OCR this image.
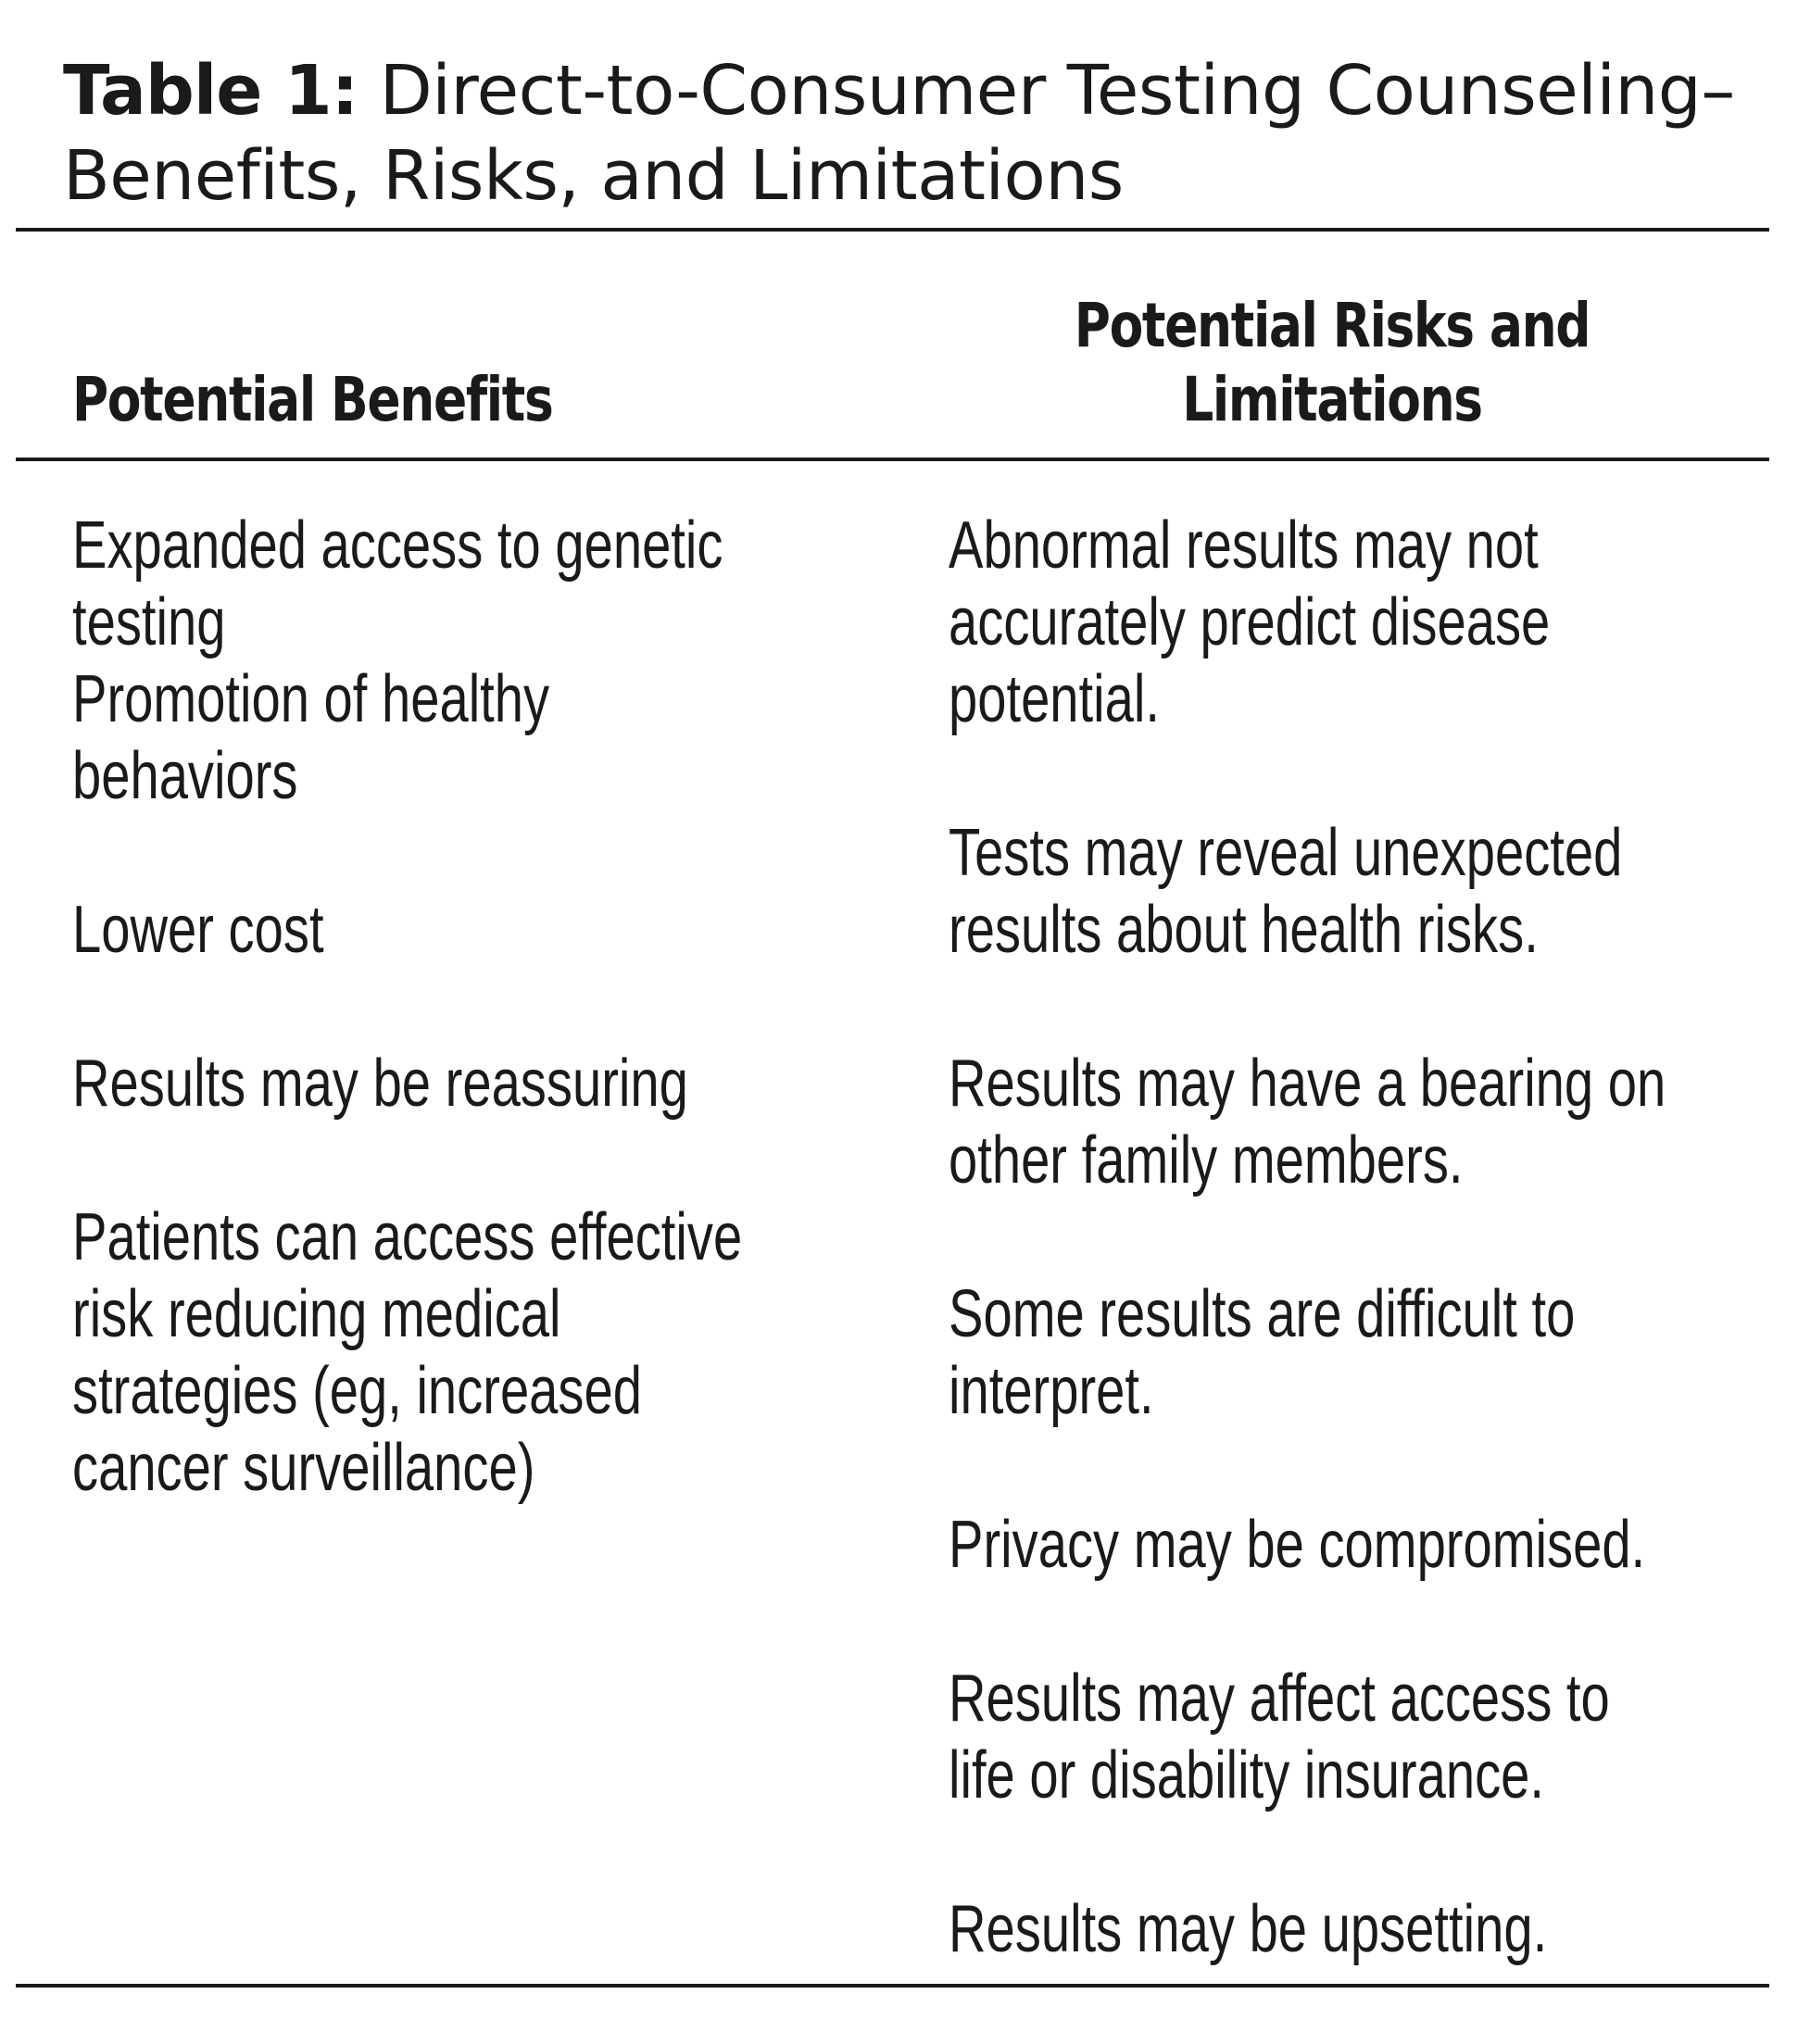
Table 1: Direct-to-Consumer Testing Counseling–
Benefits, Risks, and Limitations
Potential Benefits
Potential Risks and
Limitations
Expanded access to genetic
testing
Promotion of healthy
behaviors
Lower cost
Results may be reassuring
Patients can access effective
risk reducing medical
strategies (eg, increased
cancer surveillance)
Abnormal results may not
accurately predict disease
potential.
Tests may reveal unexpected
results about health risks.
Results may have a bearing on
other family members.
Some results are difficult to
interpret.
Privacy may be compromised.
Results may affect access to
life or disability insurance.
Results may be upsetting.
